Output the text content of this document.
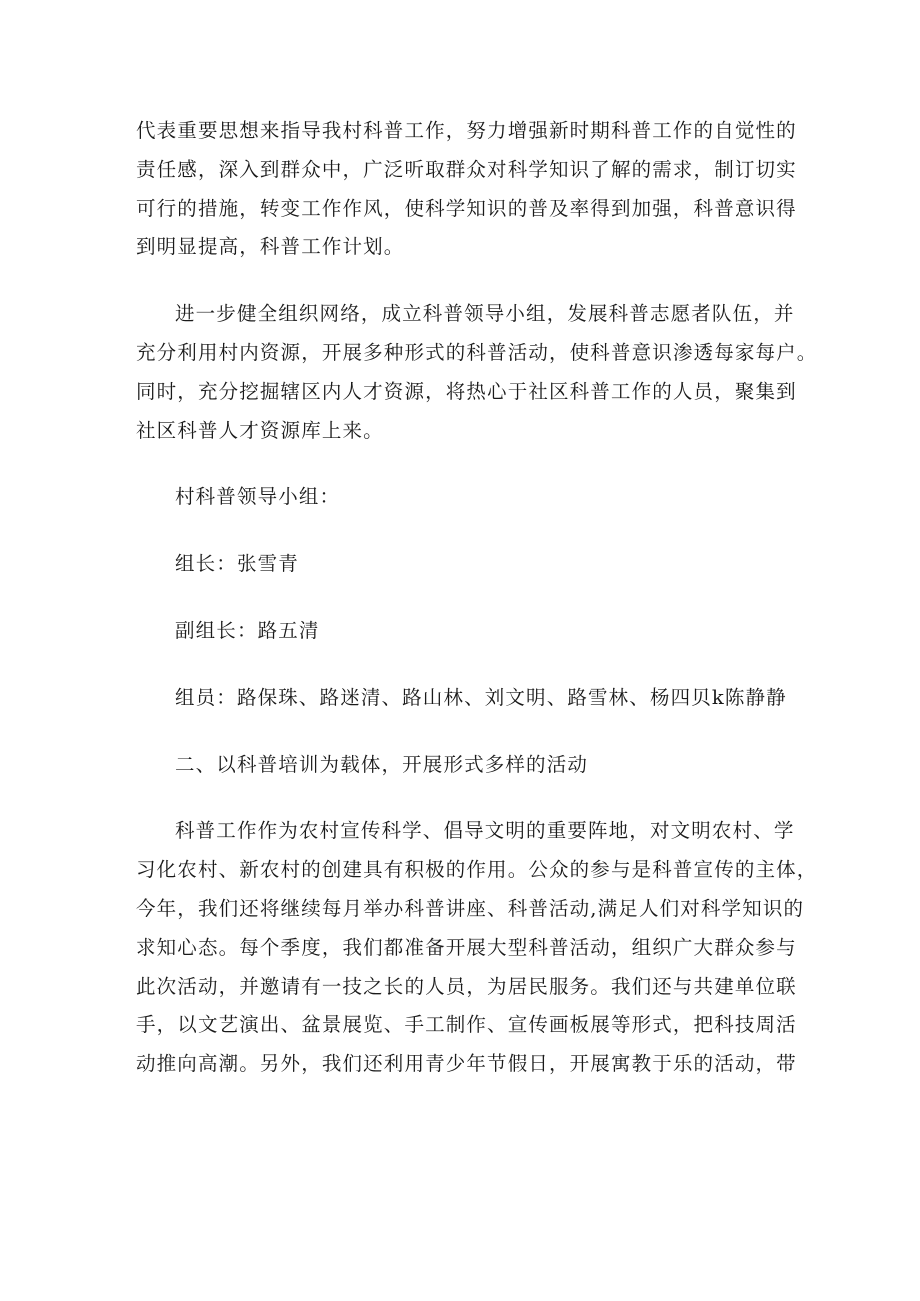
代表重要思想来指导我村科普工作，努力增强新时期科普工作的自觉性的
责任感，深入到群众中，广泛听取群众对科学知识了解的需求，制订切实
可行的措施，转变工作作风，使科学知识的普及率得到加强，科普意识得
到明显提高，科普工作计划。

进一步健全组织网络，成立科普领导小组，发展科普志愿者队伍，并
充分利用村内资源，开展多种形式的科普活动，使科普意识渗透每家每户。
同时，充分挖掘辖区内人才资源，将热心于社区科普工作的人员，聚集到
社区科普人才资源库上来。

村科普领导小组：

组长：张雪青

副组长：路五清

组员：路保珠、路迷清、路山林、刘文明、路雪林、杨四贝k陈静静

二、以科普培训为载体，开展形式多样的活动

科普工作作为农村宣传科学、倡导文明的重要阵地，对文明农村、学
习化农村、新农村的创建具有积极的作用。公众的参与是科普宣传的主体，
今年，我们还将继续每月举办科普讲座、科普活动,满足人们对科学知识的
求知心态。每个季度，我们都准备开展大型科普活动，组织广大群众参与
此次活动，并邀请有一技之长的人员，为居民服务。我们还与共建单位联
手，以文艺演出、盆景展览、手工制作、宣传画板展等形式，把科技周活
动推向高潮。另外，我们还利用青少年节假日，开展寓教于乐的活动，带
